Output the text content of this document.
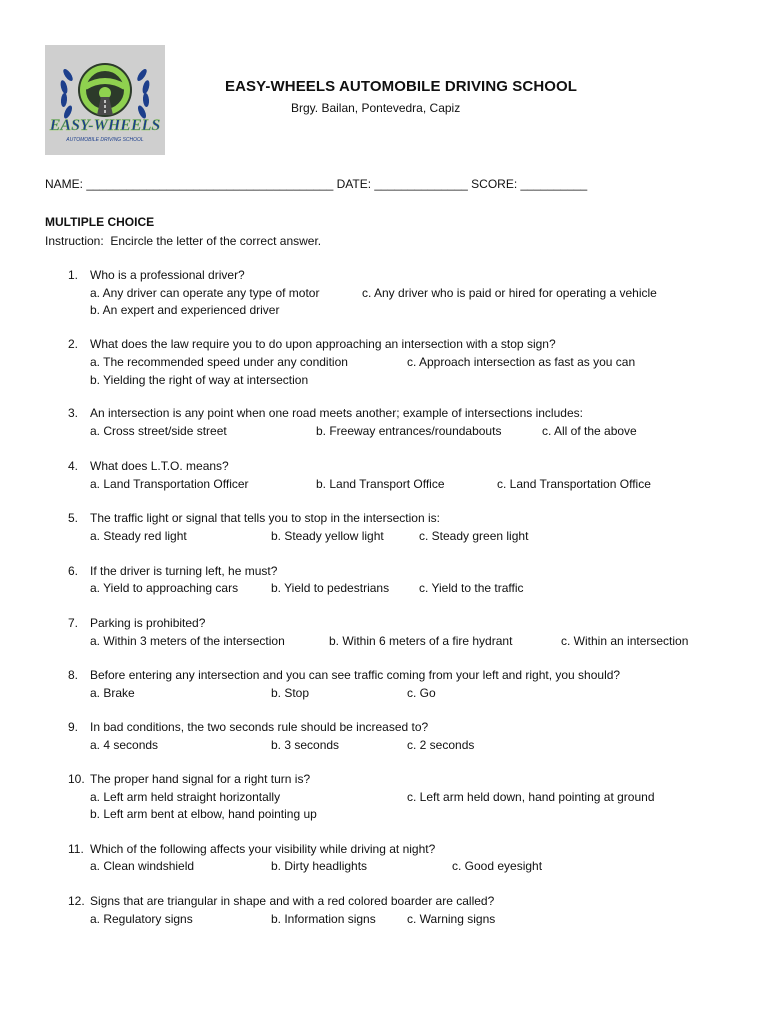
EASY-WHEELS
AUTOMOBILE DRIVING SCHOOL
EASY-WHEELS AUTOMOBILE DRIVING SCHOOL
Brgy. Bailan, Pontevedra, Capiz
NAME: _____________________________________ DATE: ______________ SCORE: __________
MULTIPLE CHOICE
Instruction:  Encircle the letter of the correct answer.
1. Who is a professional driver?
a. Any driver can operate any type of motor	c. Any driver who is paid or hired for operating a vehicle
b. An expert and experienced driver
2. What does the law require you to do upon approaching an intersection with a stop sign?
a. The recommended speed under any condition	c. Approach intersection as fast as you can
b. Yielding the right of way at intersection
3. An intersection is any point when one road meets another; example of intersections includes:
a. Cross street/side street	b. Freeway entrances/roundabouts	c. All of the above
4. What does L.T.O. means?
a. Land Transportation Officer	b. Land Transport Office	c. Land Transportation Office
5. The traffic light or signal that tells you to stop in the intersection is:
a. Steady red light	b. Steady yellow light	c. Steady green light
6. If the driver is turning left, he must?
a. Yield to approaching cars	b. Yield to pedestrians c. Yield to the traffic
7. Parking is prohibited?
a. Within 3 meters of the intersection	b. Within 6 meters of a fire hydrant	c. Within an intersection
8. Before entering any intersection and you can see traffic coming from your left and right, you should?
a. Brake	b. Stop	c. Go
9. In bad conditions, the two seconds rule should be increased to?
a. 4 seconds	b. 3 seconds	c. 2 seconds
10. The proper hand signal for a right turn is?
a. Left arm held straight horizontally	c. Left arm held down, hand pointing at ground
b. Left arm bent at elbow, hand pointing up
11. Which of the following affects your visibility while driving at night?
a. Clean windshield	b. Dirty headlights	c. Good eyesight
12. Signs that are triangular in shape and with a red colored boarder are called?
a. Regulatory signs	b. Information signs	c. Warning signs
